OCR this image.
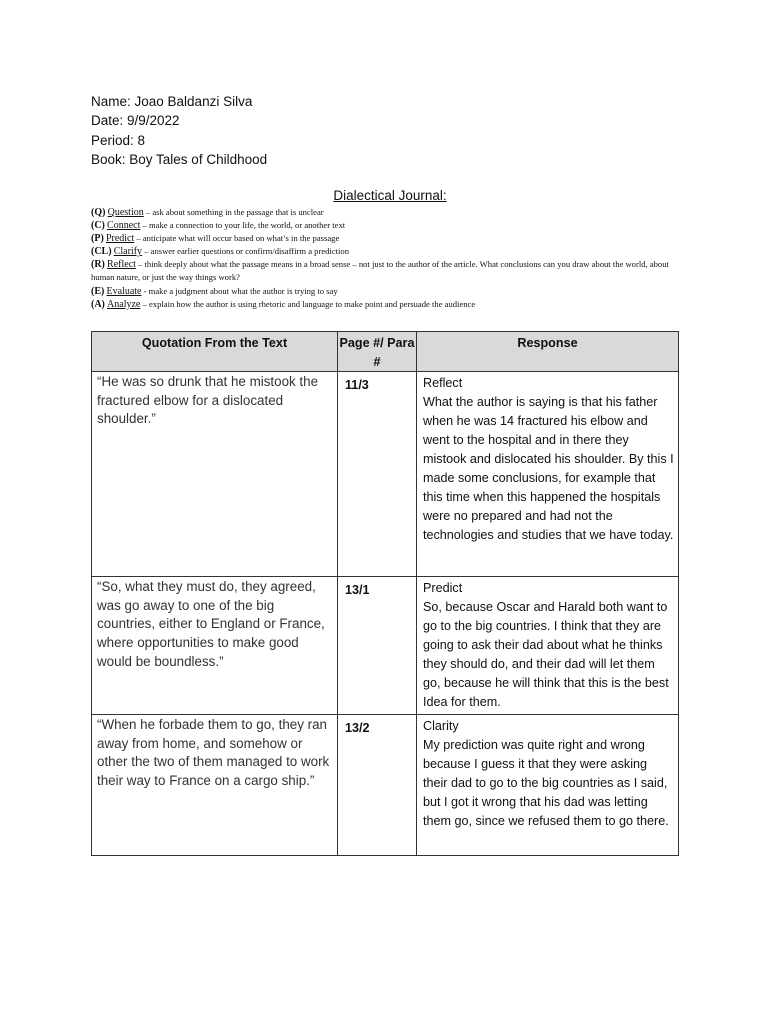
Name: Joao Baldanzi Silva
Date: 9/9/2022
Period: 8
Book: Boy Tales of Childhood
Dialectical Journal:
(Q) Question – ask about something in the passage that is unclear
(C) Connect – make a connection to your life, the world, or another text
(P) Predict – anticipate what will occur based on what’s in the passage
(CL) Clarify – answer earlier questions or confirm/disaffirm a prediction
(R) Reflect – think deeply about what the passage means in a broad sense – not just to the author of the article. What conclusions can you draw about the world, about human nature, or just the way things work?
(E) Evaluate - make a judgment about what the author is trying to say
(A) Analyze – explain how the author is using rhetoric and language to make point and persuade the audience
Quotation From the Text	Page #/ Para #	Response

“He was so drunk that he mistook the fractured elbow for a dislocated shoulder.”	11/3	Reflect
What the author is saying is that his father when he was 14 fractured his elbow and went to the hospital and in there they mistook and dislocated his shoulder. By this I made some conclusions, for example that this time when this happened the hospitals were no prepared and had not the technologies and studies that we have today.

“So, what they must do, they agreed, was go away to one of the big countries, either to England or France, where opportunities to make good would be boundless.”	13/1	Predict
So, because Oscar and Harald both want to go to the big countries. I think that they are going to ask their dad about what he thinks they should do, and their dad will let them go, because he will think that this is the best Idea for them.

“When he forbade them to go, they ran away from home, and somehow or other the two of them managed to work their way to France on a cargo ship.”	13/2	Clarity
My prediction was quite right and wrong because I guess it that they were asking their dad to go to the big countries as I said, but I got it wrong that his dad was letting them go, since we refused them to go there.
